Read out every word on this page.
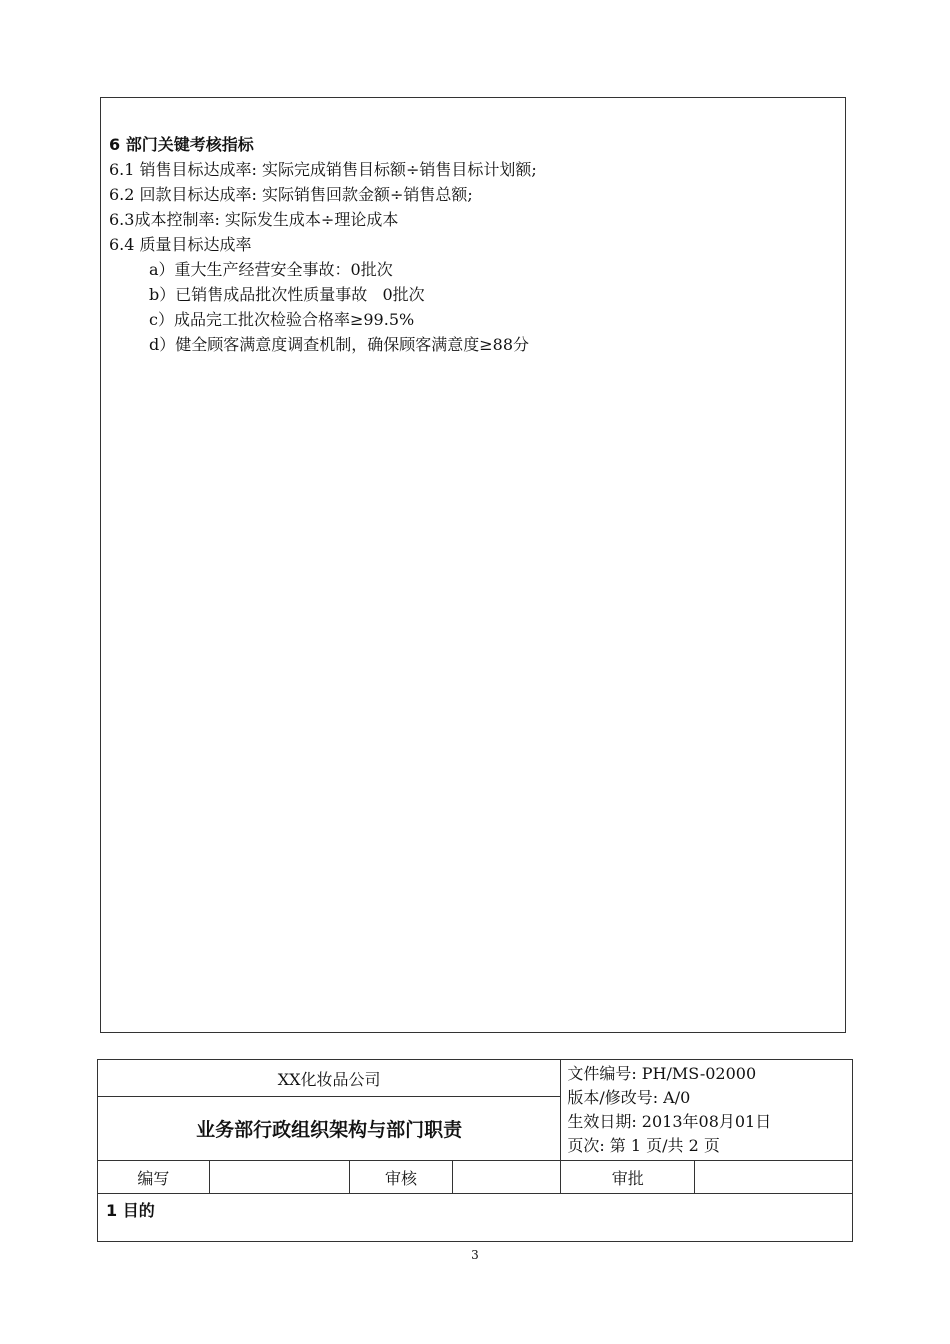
6 部门关键考核指标
6.1 销售目标达成率: 实际完成销售目标额÷销售目标计划额;
6.2 回款目标达成率: 实际销售回款金额÷销售总额;
6.3成本控制率: 实际发生成本÷理论成本
6.4 质量目标达成率
a）重大生产经营安全事故：0批次
b）已销售成品批次性质量事故   0批次
c）成品完工批次检验合格率≥99.5%
d）健全顾客满意度调查机制，确保顾客满意度≥88分
XX化妆品公司				文件编号: PH/MS-02000
版本/修改号: A/0
生效日期: 2013年08月01日
页次: 第 1 页/共 2 页	

业务部行政组织架构与部门职责					
编写		审核		审批	
1 目的					
3
